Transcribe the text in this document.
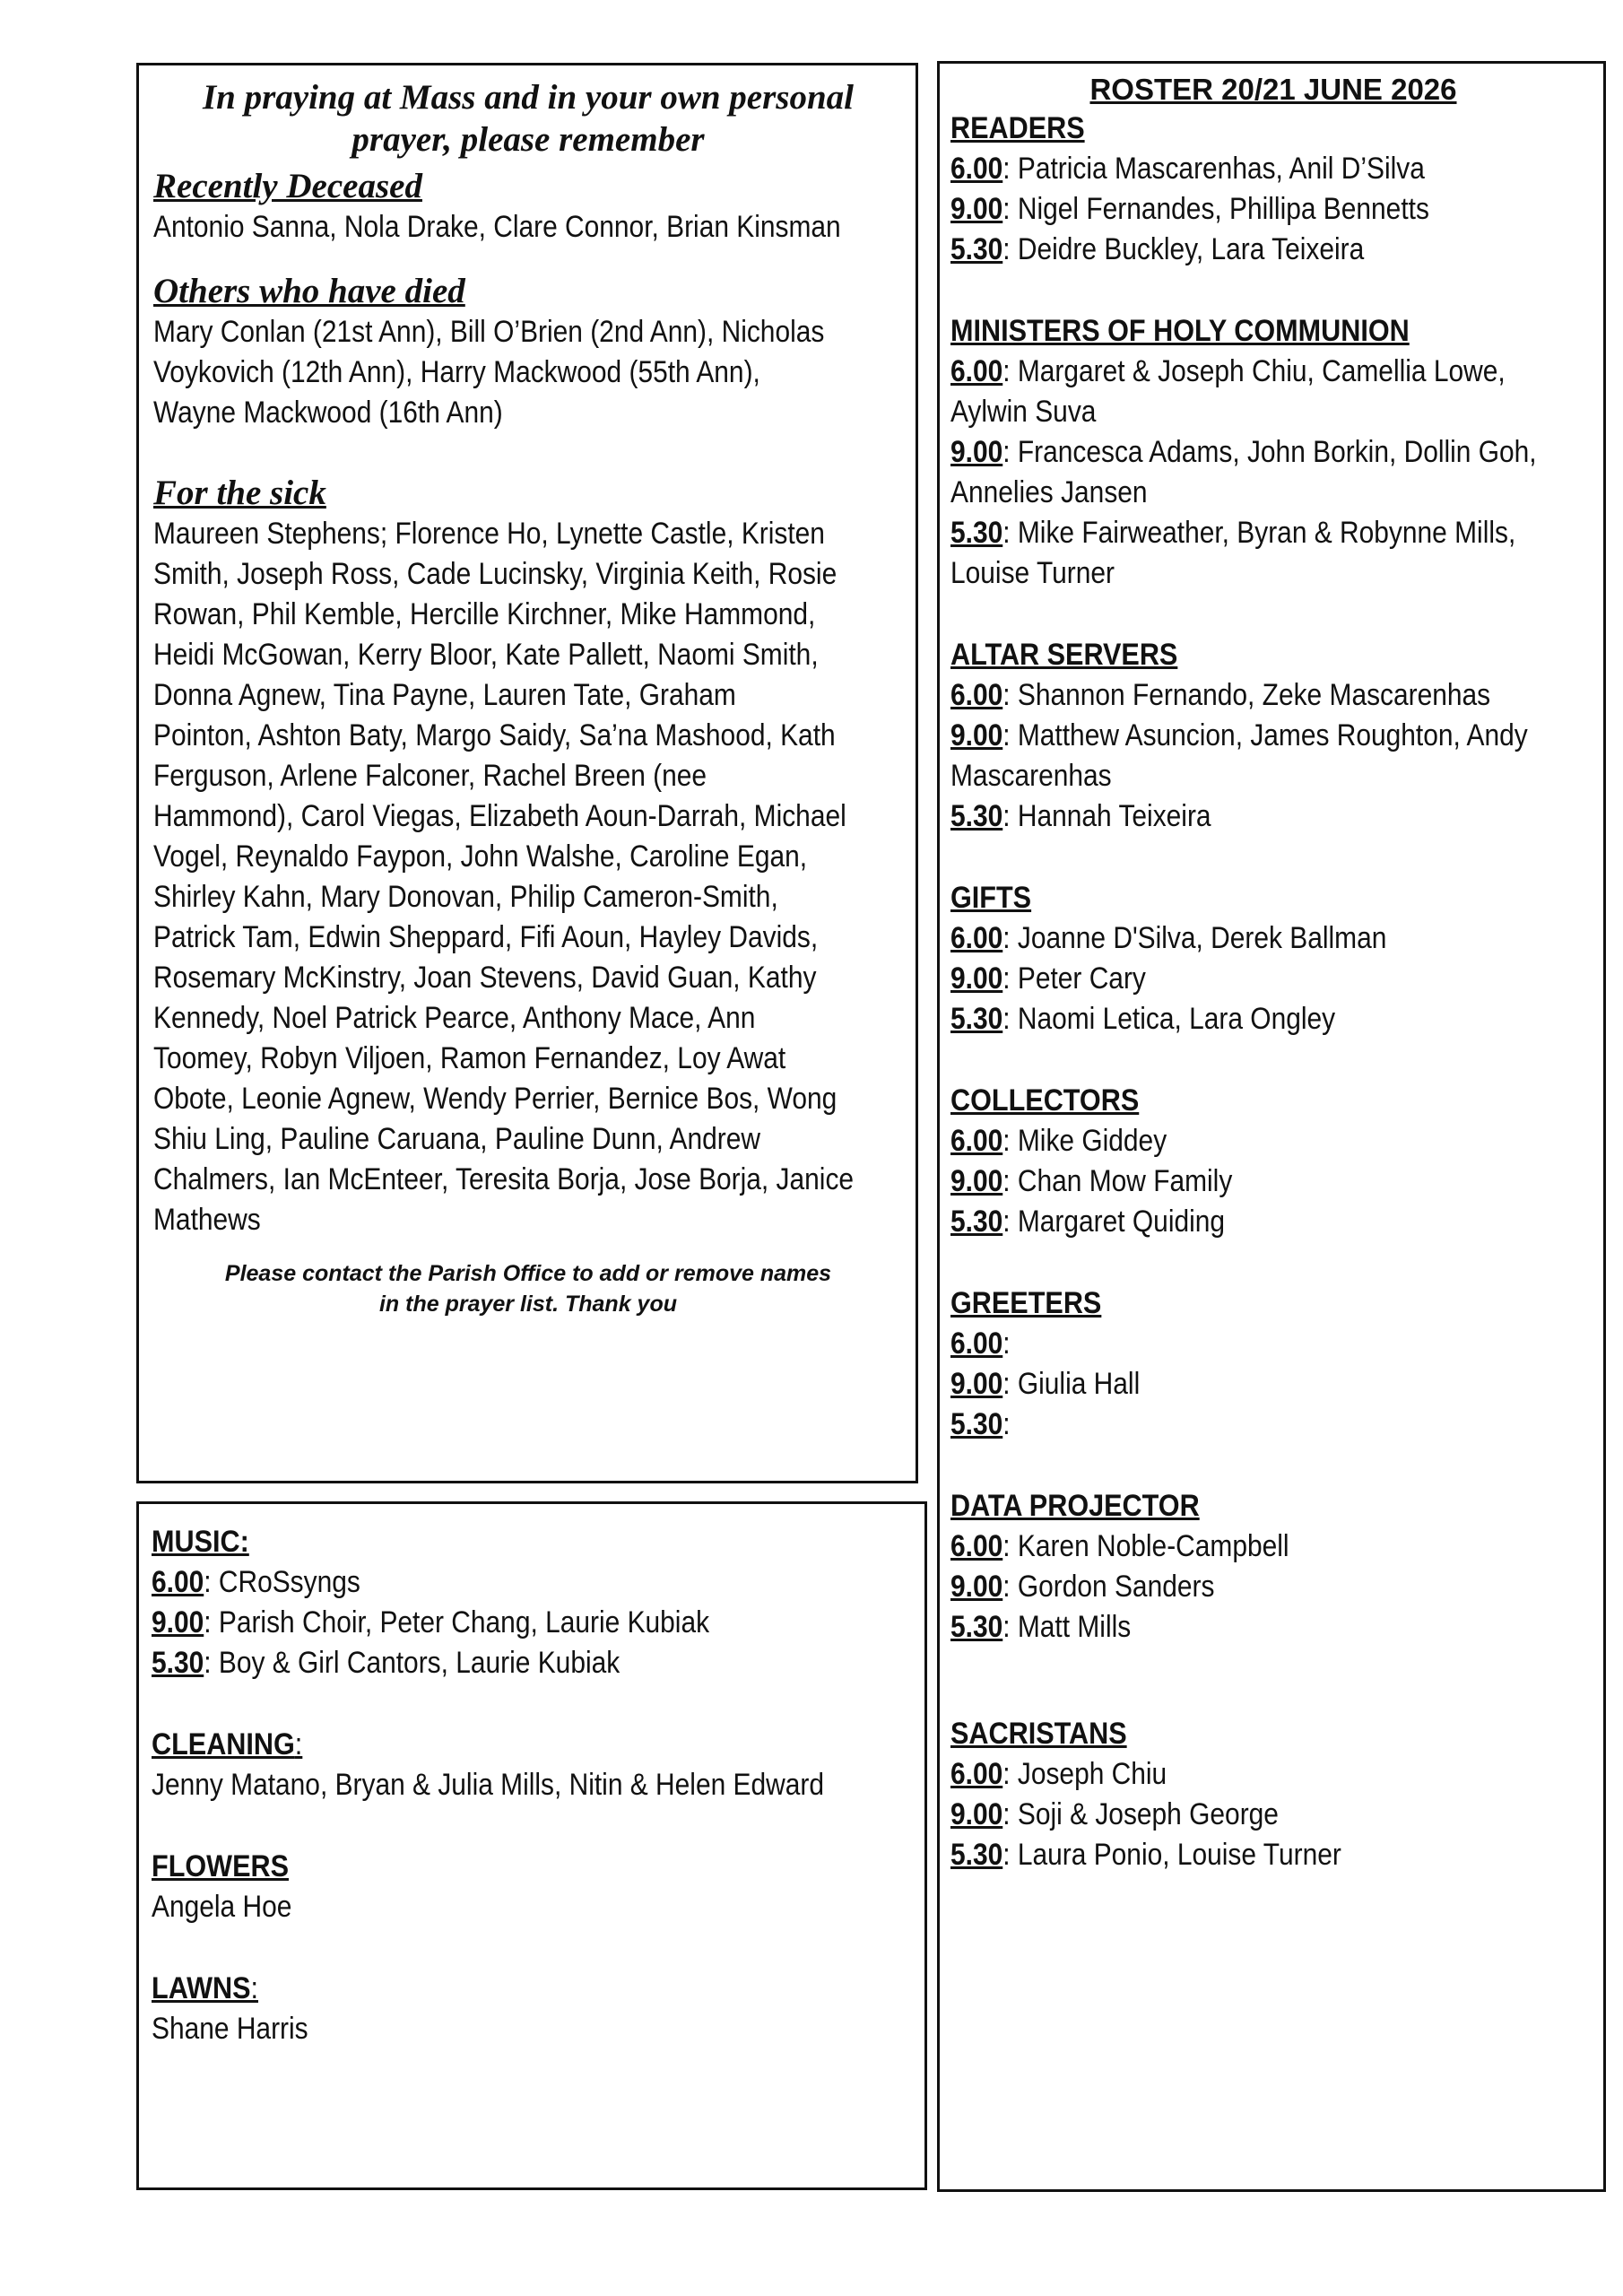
In praying at Mass and in your own personal
prayer, please remember

Recently Deceased

Antonio Sanna, Nola Drake, Clare Connor, Brian Kinsman

Others who have died

Mary Conlan (21st Ann), Bill O’Brien (2nd Ann), Nicholas

Voykovich (12th Ann), Harry Mackwood (55th Ann),

Wayne Mackwood (16th Ann)

For the sick

Maureen Stephens; Florence Ho, Lynette Castle, Kristen

Smith, Joseph Ross, Cade Lucinsky, Virginia Keith, Rosie

Rowan, Phil Kemble, Hercille Kirchner, Mike Hammond,

Heidi McGowan, Kerry Bloor, Kate Pallett, Naomi Smith,

Donna Agnew, Tina Payne, Lauren Tate, Graham

Pointon, Ashton Baty, Margo Saidy, Sa’na Mashood, Kath

Ferguson, Arlene Falconer, Rachel Breen (nee

Hammond), Carol Viegas, Elizabeth Aoun-Darrah, Michael

Vogel, Reynaldo Faypon, John Walshe, Caroline Egan,

Shirley Kahn, Mary Donovan, Philip Cameron-Smith,

Patrick Tam, Edwin Sheppard, Fifi Aoun, Hayley Davids,

Rosemary McKinstry, Joan Stevens, David Guan, Kathy

Kennedy, Noel Patrick Pearce, Anthony Mace, Ann

Toomey, Robyn Viljoen, Ramon Fernandez, Loy Awat

Obote, Leonie Agnew, Wendy Perrier, Bernice Bos, Wong

Shiu Ling, Pauline Caruana, Pauline Dunn, Andrew

Chalmers, Ian McEnteer, Teresita Borja, Jose Borja, Janice

Mathews

Please contact the Parish Office to add or remove names
in the prayer list. Thank you

MUSIC:

6.00: CRoSsyngs

9.00: Parish Choir, Peter Chang, Laurie Kubiak

5.30: Boy & Girl Cantors, Laurie Kubiak

CLEANING:

Jenny Matano, Bryan & Julia Mills, Nitin & Helen Edward

FLOWERS

Angela Hoe

LAWNS:

Shane Harris

ROSTER 20/21 JUNE 2026

READERS

6.00: Patricia Mascarenhas, Anil D’Silva

9.00: Nigel Fernandes, Phillipa Bennetts

5.30: Deidre Buckley, Lara Teixeira

MINISTERS OF HOLY COMMUNION

6.00: Margaret & Joseph Chiu, Camellia Lowe,

Aylwin Suva

9.00: Francesca Adams, John Borkin, Dollin Goh,

Annelies Jansen

5.30: Mike Fairweather, Byran & Robynne Mills,

Louise Turner

ALTAR SERVERS

6.00: Shannon Fernando, Zeke Mascarenhas

9.00: Matthew Asuncion, James Roughton, Andy

Mascarenhas

5.30: Hannah Teixeira

GIFTS

6.00: Joanne D'Silva, Derek Ballman

9.00: Peter Cary

5.30: Naomi Letica, Lara Ongley

COLLECTORS

6.00: Mike Giddey

9.00: Chan Mow Family

5.30: Margaret Quiding

GREETERS

6.00:

9.00: Giulia Hall

5.30:

DATA PROJECTOR

6.00: Karen Noble-Campbell

9.00: Gordon Sanders

5.30: Matt Mills

SACRISTANS

6.00: Joseph Chiu

9.00: Soji & Joseph George

5.30: Laura Ponio, Louise Turner
